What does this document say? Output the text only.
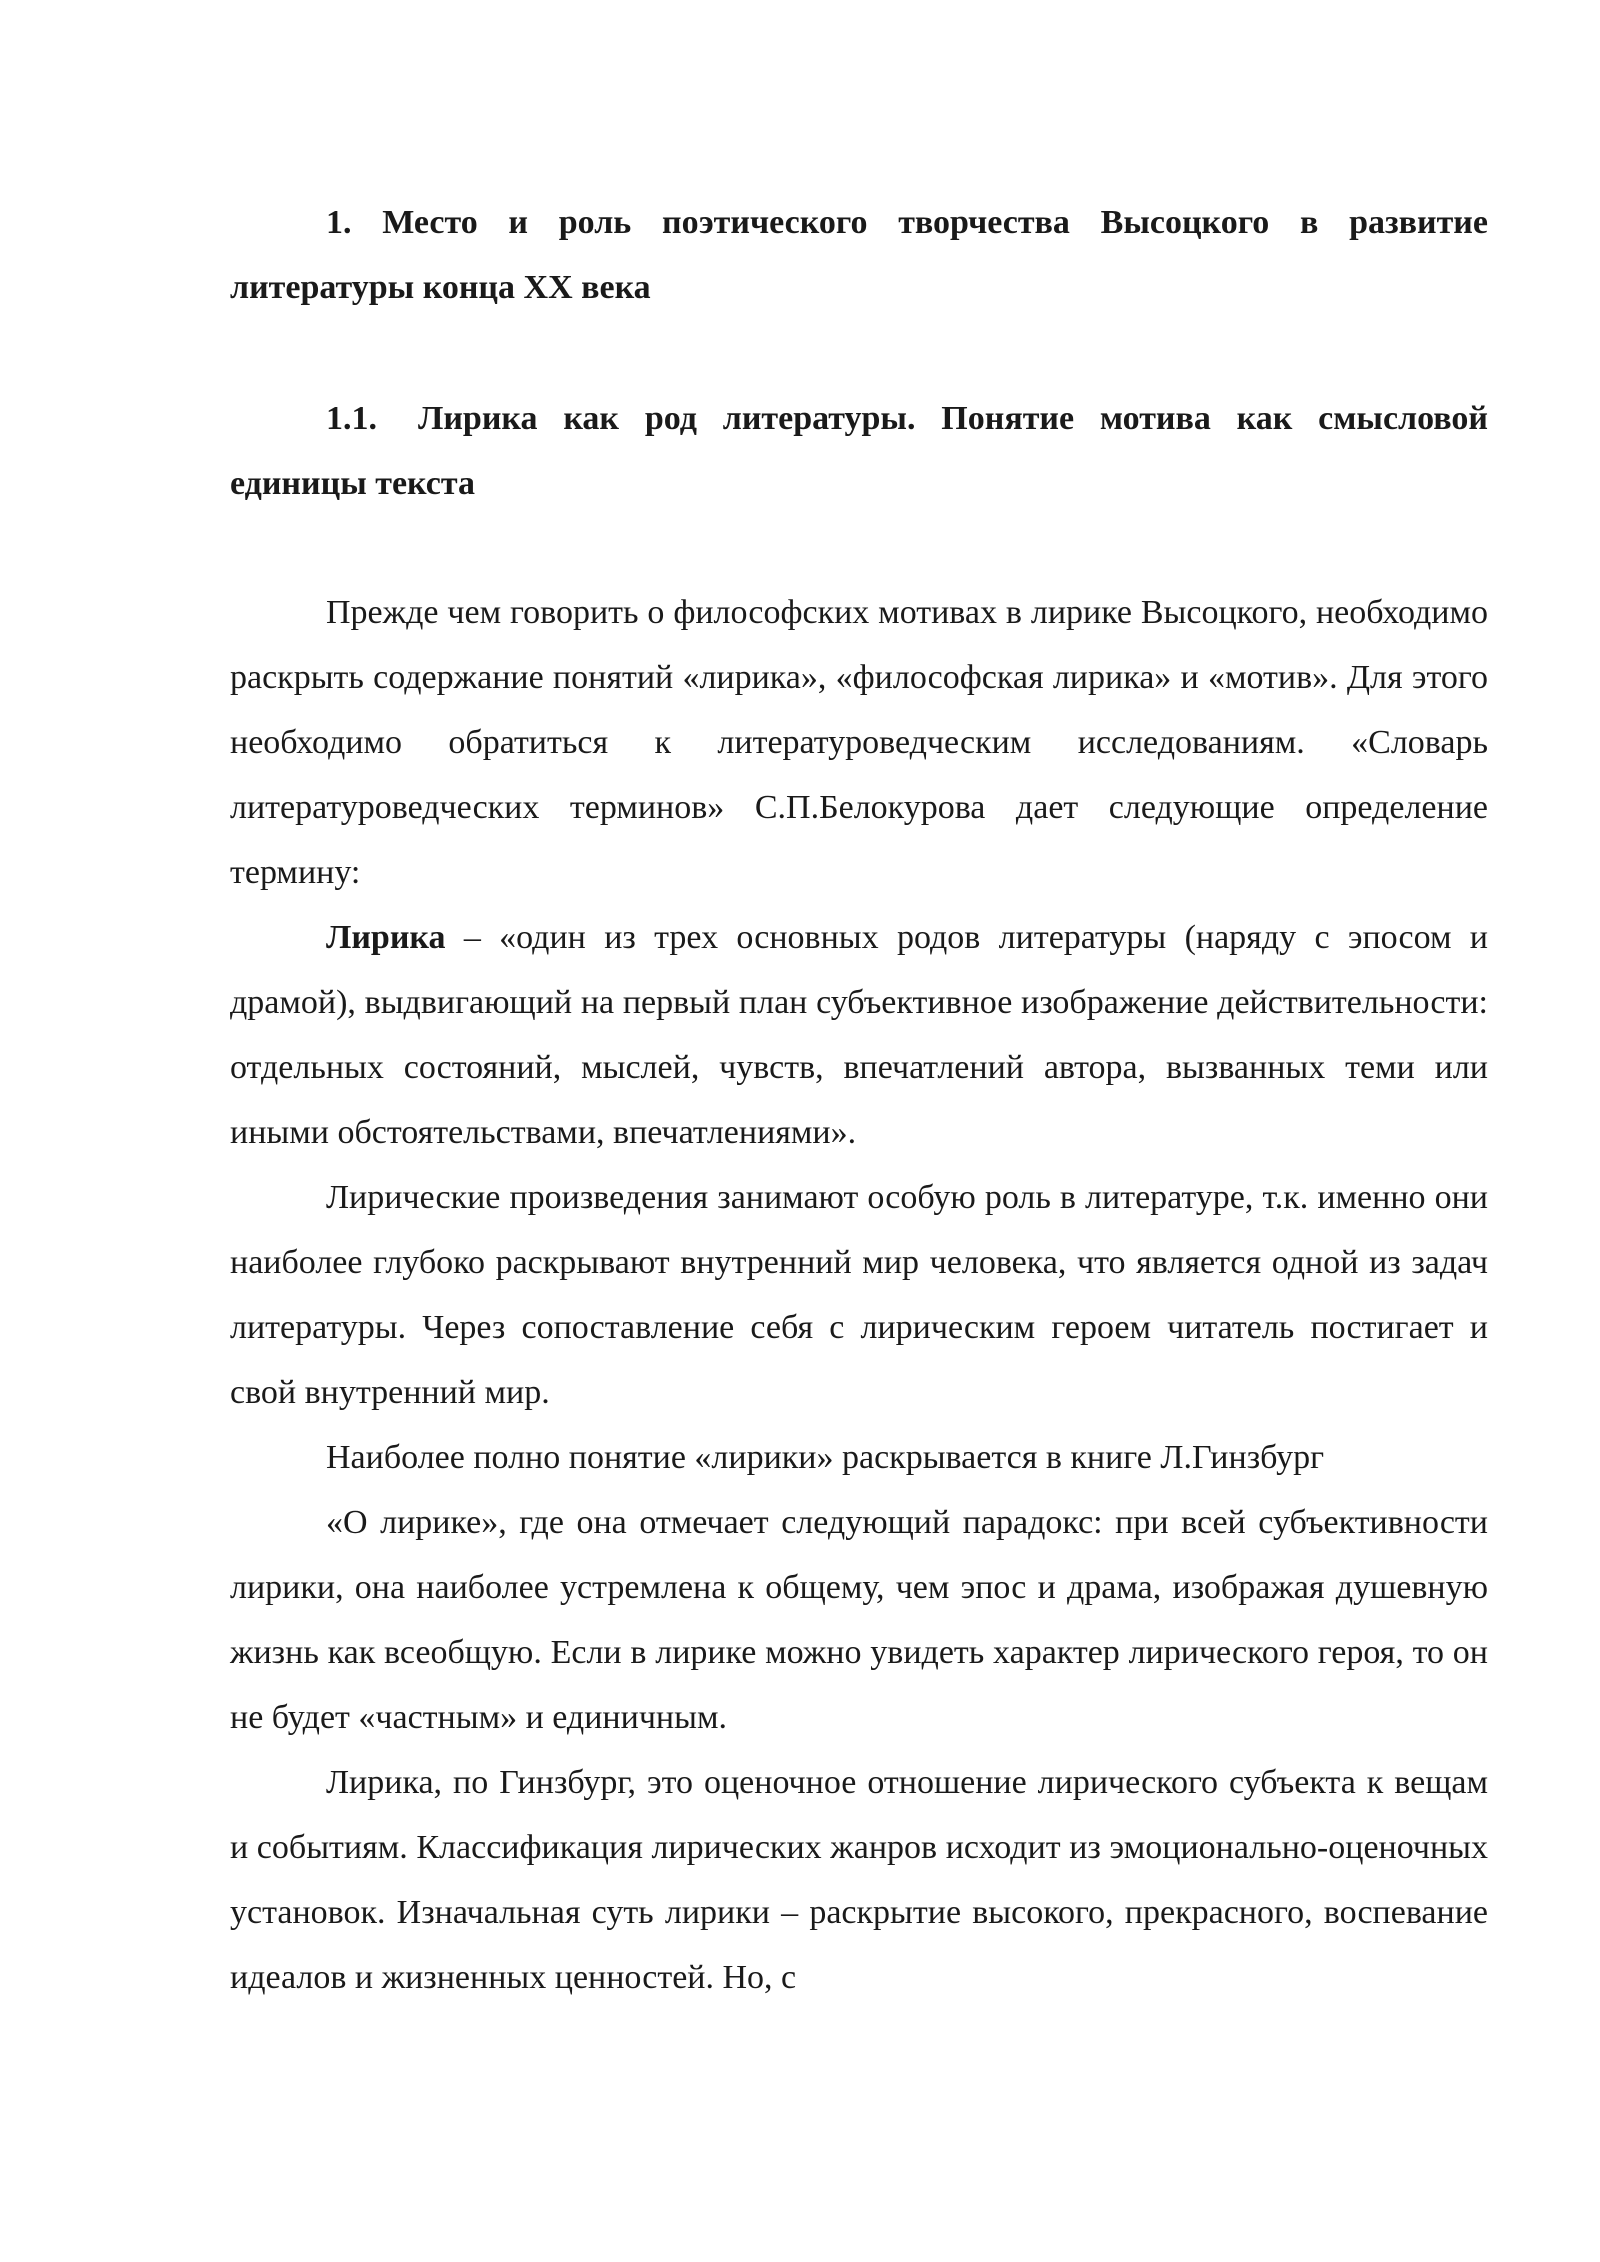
1. Место и роль поэтического творчества Высоцкого в развитие литературы конца XX века

1.1. Лирика как род литературы. Понятие мотива как смысловой единицы текста

Прежде чем говорить о философских мотивах в лирике Высоцкого, необходимо раскрыть содержание понятий «лирика», «философская лирика» и «мотив». Для этого необходимо обратиться к литературоведческим исследованиям. «Словарь литературоведческих терминов» С.П.Белокурова дает следующие определение термину:

Лирика – «один из трех основных родов литературы (наряду с эпосом и драмой), выдвигающий на первый план субъективное изображение действительности: отдельных состояний, мыслей, чувств, впечатлений автора, вызванных теми или иными обстоятельствами, впечатлениями».

Лирические произведения занимают особую роль в литературе, т.к. именно они наиболее глубоко раскрывают внутренний мир человека, что является одной из задач литературы. Через сопоставление себя с лирическим героем читатель постигает и свой внутренний мир.

Наиболее полно понятие «лирики» раскрывается в книге Л.Гинзбург

«О лирике», где она отмечает следующий парадокс: при всей субъективности лирики, она наиболее устремлена к общему, чем эпос и драма, изображая душевную жизнь как всеобщую. Если в лирике можно увидеть характер лирического героя, то он не будет «частным» и единичным.

Лирика, по Гинзбург, это оценочное отношение лирического субъекта к вещам и событиям. Классификация лирических жанров исходит из эмоционально-оценочных установок. Изначальная суть лирики – раскрытие высокого, прекрасного, воспевание идеалов и жизненных ценностей. Но, с
